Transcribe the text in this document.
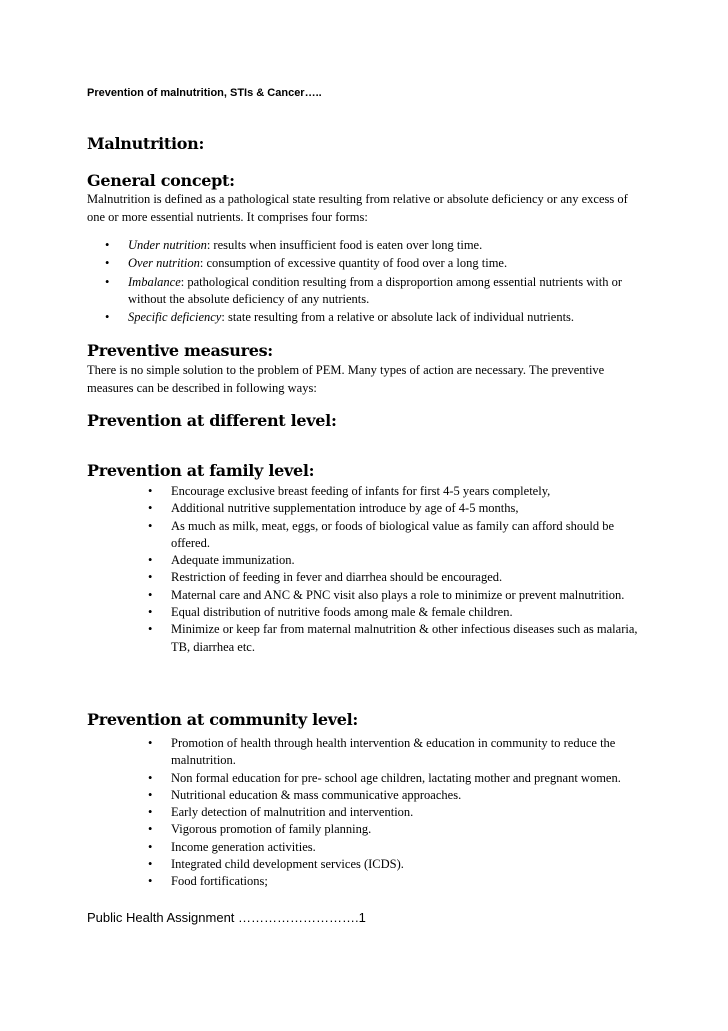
Prevention of malnutrition, STIs & Cancer…..
Malnutrition:
General concept:
Malnutrition is defined as a pathological state resulting from relative or absolute deficiency or any excess of one or more essential nutrients. It comprises four forms:
• Under nutrition: results when insufficient food is eaten over long time.
• Over nutrition: consumption of excessive quantity of food over a long time.
• Imbalance: pathological condition resulting from a disproportion among essential nutrients with or without the absolute deficiency of any nutrients.
• Specific deficiency: state resulting from a relative or absolute lack of individual nutrients.
Preventive measures:
There is no simple solution to the problem of PEM. Many types of action are necessary. The preventive measures can be described in following ways:
Prevention at different level:
Prevention at family level:
• Encourage exclusive breast feeding of infants for first 4-5 years completely,
• Additional nutritive supplementation introduce by age of 4-5 months,
• As much as milk, meat, eggs, or foods of biological value as family can afford should be offered.
• Adequate immunization.
• Restriction of feeding in fever and diarrhea should be encouraged.
• Maternal care and ANC & PNC visit also plays a role to minimize or prevent malnutrition.
• Equal distribution of nutritive foods among male & female children.
• Minimize or keep far from maternal malnutrition & other infectious diseases such as malaria, TB, diarrhea etc.
Prevention at community level:
• Promotion of health through health intervention & education in community to reduce the malnutrition.
• Non formal education for pre- school age children, lactating mother and pregnant women.
• Nutritional education & mass communicative approaches.
• Early detection of malnutrition and intervention.
• Vigorous promotion of family planning.
• Income generation activities.
• Integrated child development services (ICDS).
• Food fortifications;
Public Health Assignment ……………………….1
